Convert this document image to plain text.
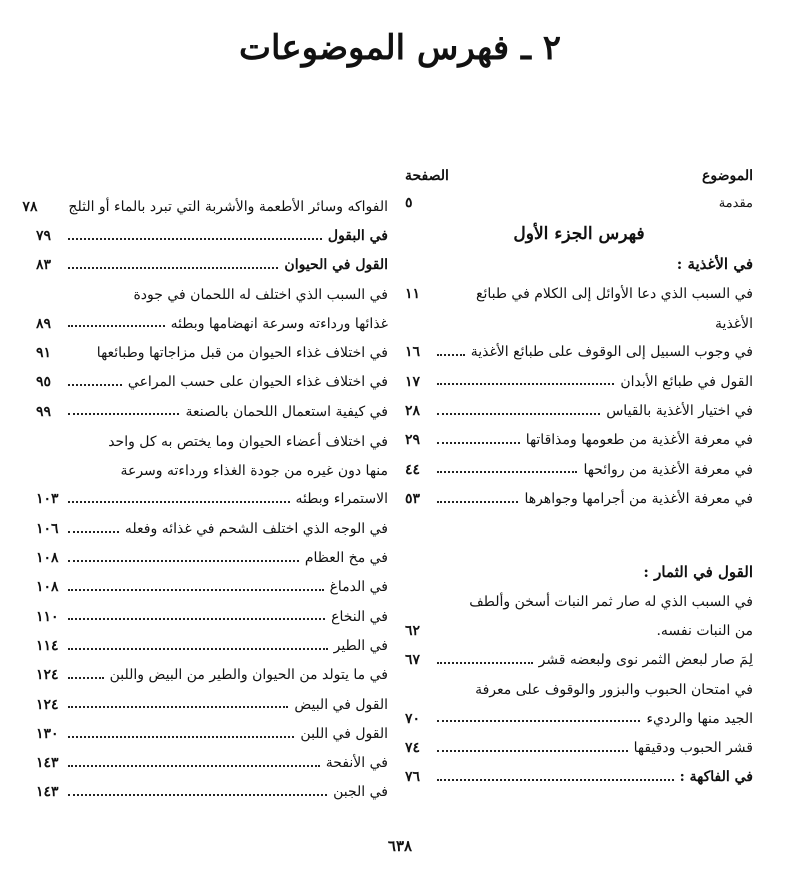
٢ ـ فهرس الموضوعات
الموضوع
الصفحة
مقدمة
٥
فهرس الجزء الأول
في الأغذية :
في السبب الذي دعا الأوائل إلى الكلام في طبائع
١١
الأغذية
في وجوب السبيل إلى الوقوف على طبائع الأغذية
١٦
القول في طبائع الأبدان
١٧
في اختيار الأغذية بالقياس
٢٨
في معرفة الأغذية من طعومها ومذاقاتها
٢٩
في معرفة الأغذية من روائحها
٤٤
في معرفة الأغذية من أجرامها وجواهرها
٥٣
القول في الثمار :
في السبب الذي له صار ثمر النبات أسخن وألطف
من النبات نفسه.
٦٢
لِمَ صار لبعض الثمر نوى ولبعضه قشر
٦٧
في امتحان الحبوب والبزور والوقوف على معرفة
الجيد منها والرديء
٧٠
قشر الحبوب ودقيقها
٧٤
في الفاكهة :
٧٦
الفواكه وسائر الأطعمة والأشربة التي تبرد بالماء أو الثلج
٧٨
في البقول
٧٩
القول في الحيوان
٨٣
في السبب الذي اختلف له اللحمان في جودة
غذائها ورداءته وسرعة انهضامها وبطئه
٨٩
في اختلاف غذاء الحيوان من قبل مزاجاتها وطبائعها
٩١
في اختلاف غذاء الحيوان على حسب المراعي
٩٥
في كيفية استعمال اللحمان بالصنعة
٩٩
في اختلاف أعضاء الحيوان وما يختص به كل واحد
منها دون غيره من جودة الغذاء ورداءته وسرعة
الاستمراء وبطئه
١٠٣
في الوجه الذي اختلف الشحم في غذائه وفعله
١٠٦
في مخ العظام
١٠٨
في الدماغ
١٠٨
في النخاع
١١٠
في الطير
١١٤
في ما يتولد من الحيوان والطير من البيض واللبن
١٢٤
القول في البيض
١٢٤
القول في اللبن
١٣٠
في الأنفحة
١٤٣
في الجبن
١٤٣
٦٣٨
